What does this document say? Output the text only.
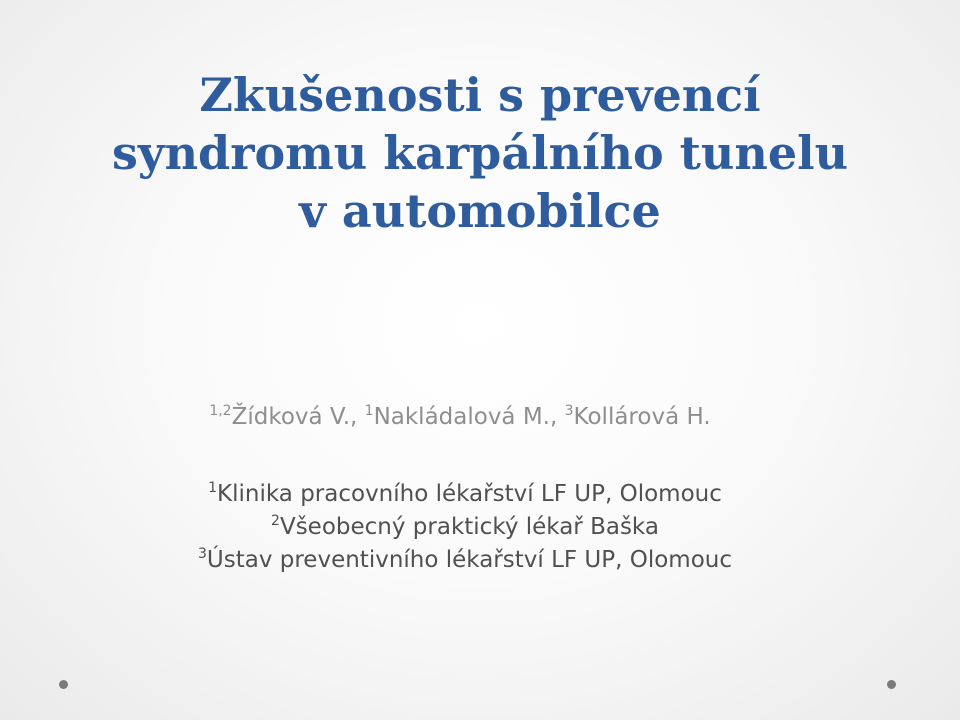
Zkušenosti s prevencí
syndromu karpálního tunelu
v automobilce
$^{1,2}$Žídková V., $^1$Nakládalová M., $^3$Kollárová H.
$^1$Klinika pracovního lékařství LF UP, Olomouc
$^2$Všeobecný praktický lékař Baška
$^3$Ústav preventivního lékařství LF UP, Olomouc
